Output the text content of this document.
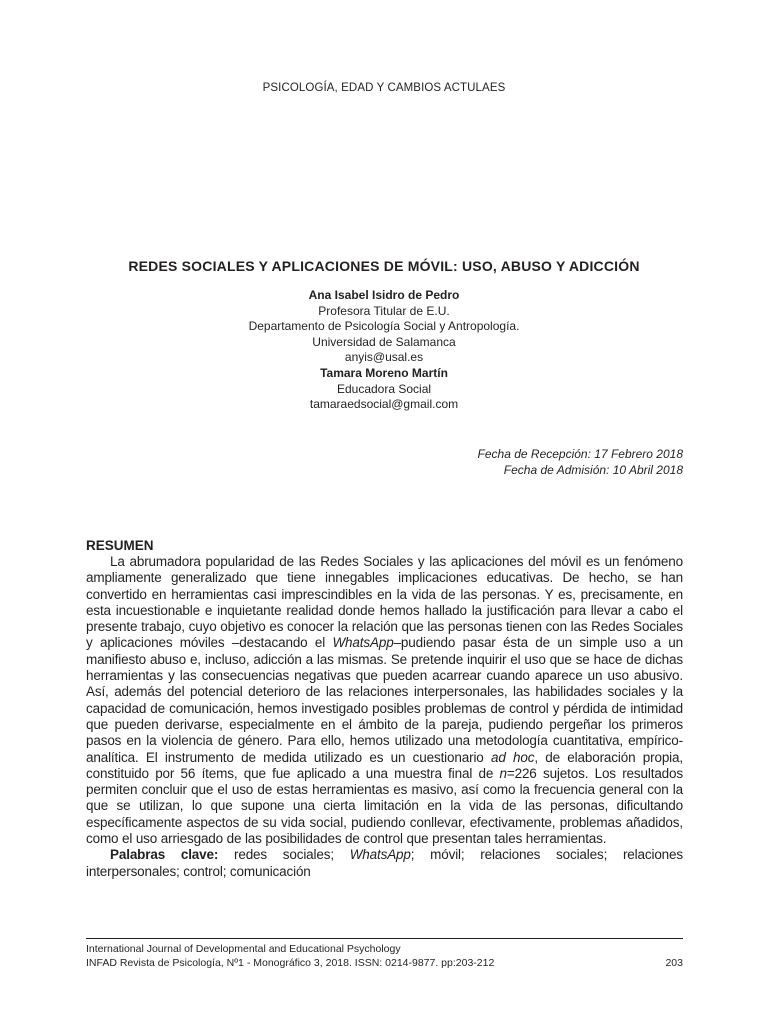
PSICOLOGÍA, EDAD Y CAMBIOS ACTULAES
REDES SOCIALES Y APLICACIONES DE MÓVIL: USO, ABUSO Y ADICCIÓN
Ana Isabel Isidro de Pedro
Profesora Titular de E.U.
Departamento de Psicología Social y Antropología.
Universidad de Salamanca
anyis@usal.es
Tamara Moreno Martín
Educadora Social
tamaraedsocial@gmail.com
Fecha de Recepción: 17 Febrero 2018
Fecha de Admisión: 10 Abril 2018
RESUMEN

La abrumadora popularidad de las Redes Sociales y las aplicaciones del móvil es un fenómeno ampliamente generalizado que tiene innegables implicaciones educativas. De hecho, se han convertido en herramientas casi imprescindibles en la vida de las personas. Y es, precisamente, en esta incuestionable e inquietante realidad donde hemos hallado la justificación para llevar a cabo el presente trabajo, cuyo objetivo es conocer la relación que las personas tienen con las Redes Sociales y aplicaciones móviles –destacando el WhatsApp–pudiendo pasar ésta de un simple uso a un manifiesto abuso e, incluso, adicción a las mismas. Se pretende inquirir el uso que se hace de dichas herramientas y las consecuencias negativas que pueden acarrear cuando aparece un uso abusivo. Así, además del potencial deterioro de las relaciones interpersonales, las habilidades sociales y la capacidad de comunicación, hemos investigado posibles problemas de control y pérdida de intimidad que pueden derivarse, especialmente en el ámbito de la pareja, pudiendo pergeñar los primeros pasos en la violencia de género. Para ello, hemos utilizado una metodología cuantitativa, empírico-analítica. El instrumento de medida utilizado es un cuestionario ad hoc, de elaboración propia, constituido por 56 ítems, que fue aplicado a una muestra final de n=226 sujetos. Los resultados permiten concluir que el uso de estas herramientas es masivo, así como la frecuencia general con la que se utilizan, lo que supone una cierta limitación en la vida de las personas, dificultando específicamente aspectos de su vida social, pudiendo conllevar, efectivamente, problemas añadidos, como el uso arriesgado de las posibilidades de control que presentan tales herramientas.

Palabras clave: redes sociales; WhatsApp; móvil; relaciones sociales; relaciones interpersonales; control; comunicación

International Journal of Developmental and Educational Psychology
INFAD Revista de Psicología, Nº1 - Monográfico 3, 2018. ISSN: 0214-9877. pp:203-212	203
